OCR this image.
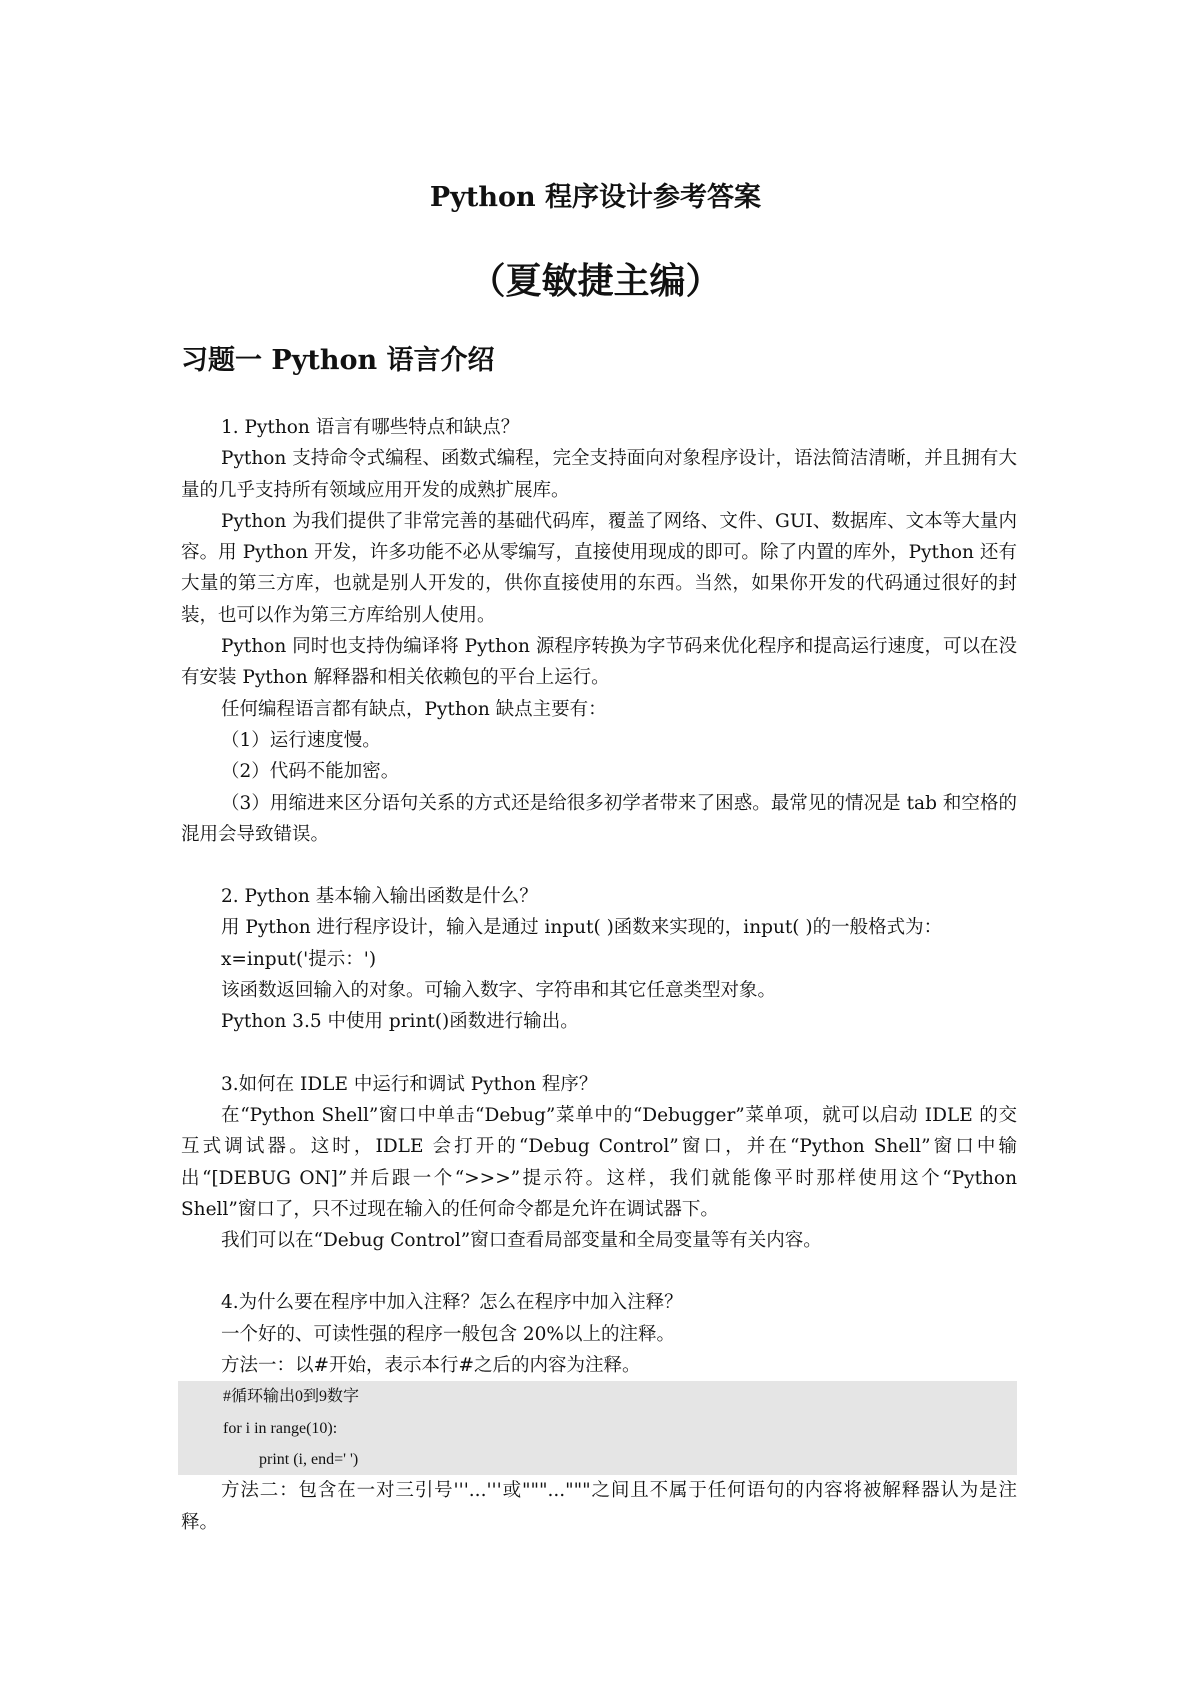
Python 程序设计参考答案
（夏敏捷主编）
习题一 Python 语言介绍

1. Python 语言有哪些特点和缺点？

Python 支持命令式编程、函数式编程，完全支持面向对象程序设计，语法简洁清晰，并且拥有大量的几乎支持所有领域应用开发的成熟扩展库。

Python 为我们提供了非常完善的基础代码库，覆盖了网络、文件、GUI、数据库、文本等大量内容。用 Python 开发，许多功能不必从零编写，直接使用现成的即可。除了内置的库外，Python 还有大量的第三方库，也就是别人开发的，供你直接使用的东西。当然，如果你开发的代码通过很好的封装，也可以作为第三方库给别人使用。

Python 同时也支持伪编译将 Python 源程序转换为字节码来优化程序和提高运行速度，可以在没有安装 Python 解释器和相关依赖包的平台上运行。

任何编程语言都有缺点，Python 缺点主要有：

（1）运行速度慢。

（2）代码不能加密。

（3）用缩进来区分语句关系的方式还是给很多初学者带来了困惑。最常见的情况是 tab 和空格的混用会导致错误。

2. Python 基本输入输出函数是什么？

用 Python 进行程序设计，输入是通过 input( )函数来实现的，input( )的一般格式为：

x=input('提示：')

该函数返回输入的对象。可输入数字、字符串和其它任意类型对象。

Python 3.5 中使用 print()函数进行输出。

3.如何在 IDLE 中运行和调试 Python 程序？

在“Python Shell”窗口中单击“Debug”菜单中的“Debugger”菜单项，就可以启动 IDLE 的交互式调试器。这时，IDLE 会打开的“Debug Control”窗口，并在“Python Shell”窗口中输出“[DEBUG ON]”并后跟一个“>>>”提示符。这样，我们就能像平时那样使用这个“Python Shell”窗口了，只不过现在输入的任何命令都是允许在调试器下。

我们可以在“Debug Control”窗口查看局部变量和全局变量等有关内容。

4.为什么要在程序中加入注释？怎么在程序中加入注释？

一个好的、可读性强的程序一般包含 20%以上的注释。

方法一：以#开始，表示本行#之后的内容为注释。

#循环输出0到9数字
for i in range(10):
print (i, end=' ')

方法二：包含在一对三引号'''...'''或"""..."""之间且不属于任何语句的内容将被解释器认为是注释。
